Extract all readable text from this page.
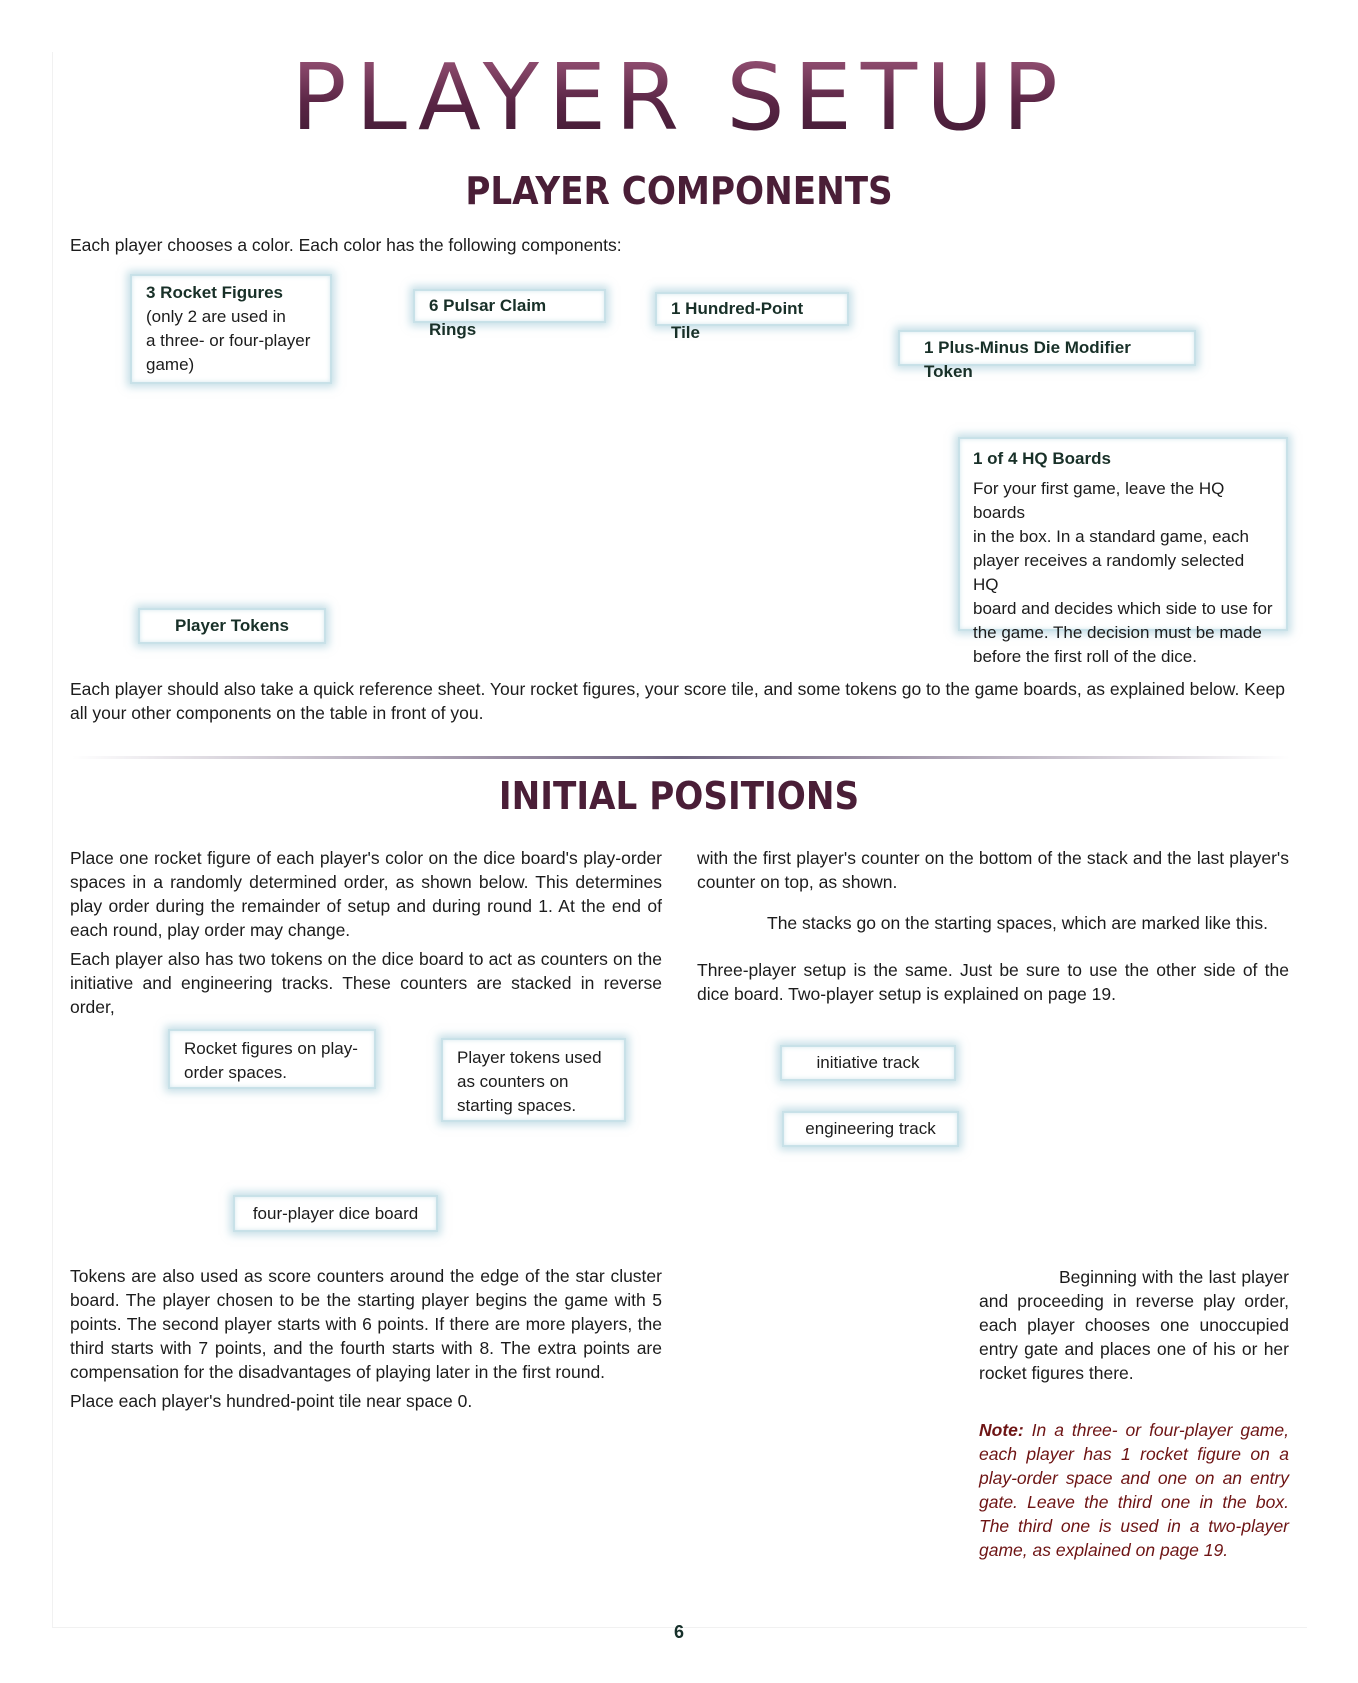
PLAYER SETUP
PLAYER COMPONENTS

Each player chooses a color. Each color has the following components:

3 Rocket Figures
(only 2 are used in
a three- or four-player
game)
6 Pulsar Claim Rings
1 Hundred-Point Tile
1 Plus-Minus Die Modifier Token
1 of 4 HQ Boards
For your first game, leave the HQ boards
in the box. In a standard game, each
player receives a randomly selected HQ
board and decides which side to use for
the game. The decision must be made
before the first roll of the dice.
Player Tokens

Each player should also take a quick reference sheet. Your rocket figures, your score tile, and some tokens go to the game boards, as explained below. Keep all your other components on the table in front of you.

INITIAL POSITIONS
Place one rocket figure of each player's color on the dice board's play-order spaces in a randomly determined order, as shown below. This determines play order during the remainder of setup and during round 1. At the end of each round, play order may change.
Each player also has two tokens on the dice board to act as counters on the initiative and engineering tracks. These counters are stacked in reverse order,
with the first player's counter on the bottom of the stack and the last player's counter on top, as shown.
The stacks go on the starting spaces, which are marked like this.
Three-player setup is the same. Just be sure to use the other side of the dice board. Two-player setup is explained on page 19.
Rocket figures on play-
order spaces.
Player tokens used
as counters on
starting spaces.
initiative track
engineering track
four-player dice board
Tokens are also used as score counters around the edge of the star cluster board. The player chosen to be the starting player begins the game with 5 points. The second player starts with 6 points. If there are more players, the third starts with 7 points, and the fourth starts with 8. The extra points are compensation for the disadvantages of playing later in the first round.
Place each player's hundred-point tile near space 0.
Beginning with the last player and proceeding in reverse play order, each player chooses one unoccupied entry gate and places one of his or her rocket figures there.
Note: In a three- or four-player game, each player has 1 rocket figure on a play-order space and one on an entry gate. Leave the third one in the box. The third one is used in a two-player game, as explained on page 19.
6
